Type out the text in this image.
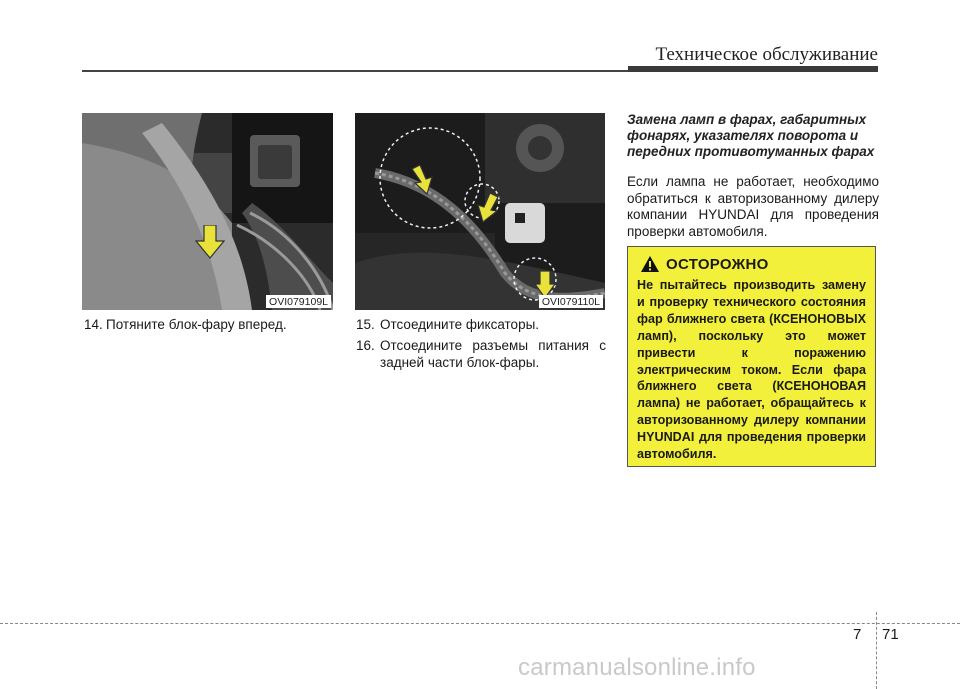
Техническое обслуживание
OVI079109L	OVI079110L
14. Потяните блок-фару вперед.	15. Отсоедините фиксаторы.
16. Отсоедините разъемы питания с задней части блок-фары.
Замена ламп в фарах, габаритных фонарях, указателях поворота и передних противотуманных фарах
Если лампа не работает, необходимо обратиться к авторизованному дилеру компании HYUNDAI для проведения проверки автомобиля.
ОСТОРОЖНО
Не пытайтесь производить замену и проверку технического состояния фар ближнего света (КСЕНОНОВЫХ ламп), поскольку это может привести к поражению электрическим током. Если фара ближнего света (КСЕНОНОВАЯ лампа) не работает, обращайтесь к авторизованному дилеру компании HYUNDAI для проведения проверки автомобиля.
7 71
carmanualsonline.info
